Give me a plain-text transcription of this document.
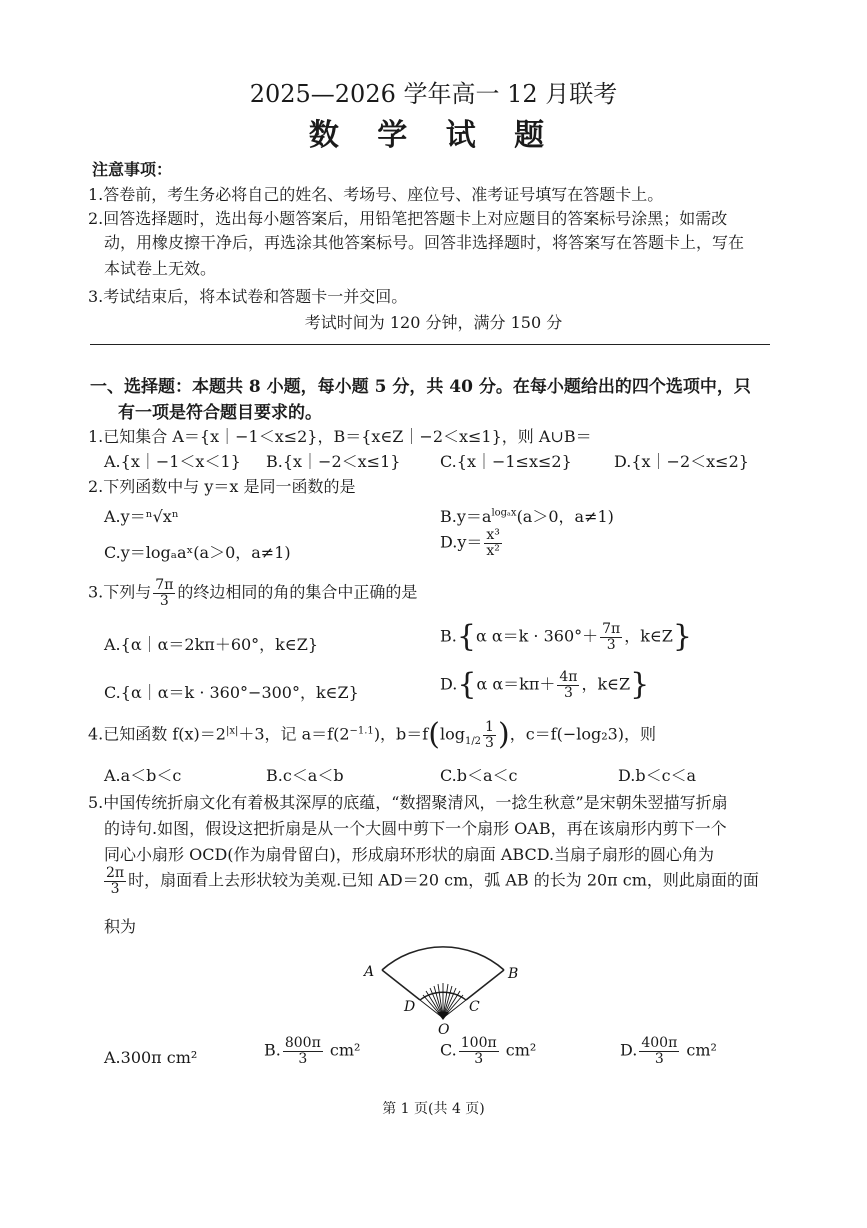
2025—2026 学年高一 12 月联考
数 学 试 题
注意事项：
1.答卷前，考生务必将自己的姓名、考场号、座位号、准考证号填写在答题卡上。
2.回答选择题时，选出每小题答案后，用铅笔把答题卡上对应题目的答案标号涂黑；如需改
动，用橡皮擦干净后，再选涂其他答案标号。回答非选择题时，将答案写在答题卡上，写在
本试卷上无效。
3.考试结束后，将本试卷和答题卡一并交回。
考试时间为 120 分钟，满分 150 分
一、选择题：本题共 8 小题，每小题 5 分，共 40 分。在每小题给出的四个选项中，只
有一项是符合题目要求的。
1.已知集合 A＝{x｜−1＜x≤2}，B＝{x∈Z｜−2＜x≤1}，则 A∪B＝
A.{x｜−1＜x＜1} B.{x｜−2＜x≤1} C.{x｜−1≤x≤2}	D.{x｜−2＜x≤2}
2.下列函数中与 y＝x 是同一函数的是
A.y＝ⁿ√xⁿ	$B.y=a^{log_ax}(a>0$，a≠1)
C.y＝logₐaˣ(a＞0，a≠1)
$D.y= \frac{\text{x³}}{\text{x²}}$
3.下列与 $\frac{7\pi}{3}$ 的终边相同的角的集合中正确的是
A.{α｜α＝2kπ＋60°，k∈Z}	B.{α $\alpha=k \cdot 360^\circ+ \frac{7\pi}{3}$ ，k∈Z}
C.{α｜α＝k · 360°−300°，k∈Z}	D.{α $\alpha=k\pi+ \frac{4\pi}{3}$ ，k∈Z}
4.已知函数 $f(x)=2^{|x|}+3$，记 $a=f(2^{-1.1})$，$b=f(\log_{1/2} \frac{1}{3}$ )，c＝f(−log₂3)，则
A.a＜b＜c	B.c＜a＜b	C.b＜a＜c	D.b＜c＜a
5.中国传统折扇文化有着极其深厚的底蕴，“数摺聚清风，一捻生秋意”是宋朝朱翌描写折扇
的诗句.如图，假设这把折扇是从一个大圆中剪下一个扇形 OAB，再在该扇形内剪下一个
同心小扇形 OCD(作为扇骨留白)，形成扇环形状的扇面 ABCD.当扇子扇形的圆心角为
$\frac{2\pi}{3}$ 时，扇面看上去形状较为美观.已知 AD＝20 cm，弧 AB 的长为 20π cm，则此扇面的面
积为
A	B
D	C
O
A.300π cm²	B. $\frac{800\pi}{3} cm^2$	C. $\frac{100\pi}{3} cm^2$	D. $\frac{400\pi}{3} cm^2$
第 1 页(共 4 页)
